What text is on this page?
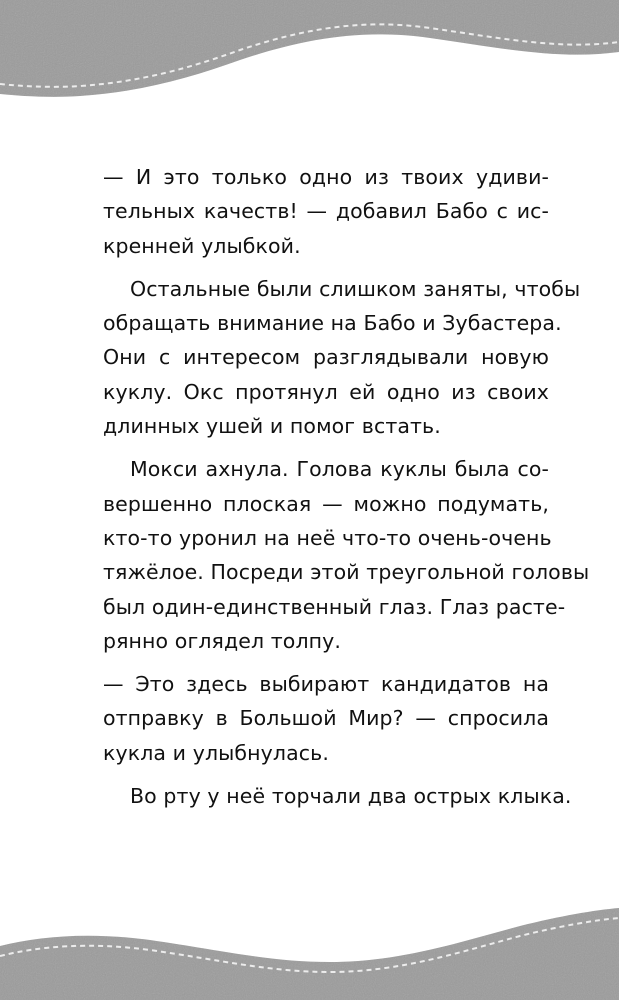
— И это только одно из твоих удиви-
тельных качеств! — добавил Бабо с ис-
кренней улыбкой.

Остальные были слишком заняты, чтобы
обращать внимание на Бабо и Зубастера.
Они с интересом разглядывали новую
куклу. Окс протянул ей одно из своих
длинных ушей и помог встать.

Мокси ахнула. Голова куклы была со-
вершенно плоская — можно подумать,
кто-то уронил на неё что-то очень-очень
тяжёлое. Посреди этой треугольной головы
был один-единственный глаз. Глаз расте-
рянно оглядел толпу.

— Это здесь выбирают кандидатов на
отправку в Большой Мир? — спросила
кукла и улыбнулась.

Во рту у неё торчали два острых клыка.
